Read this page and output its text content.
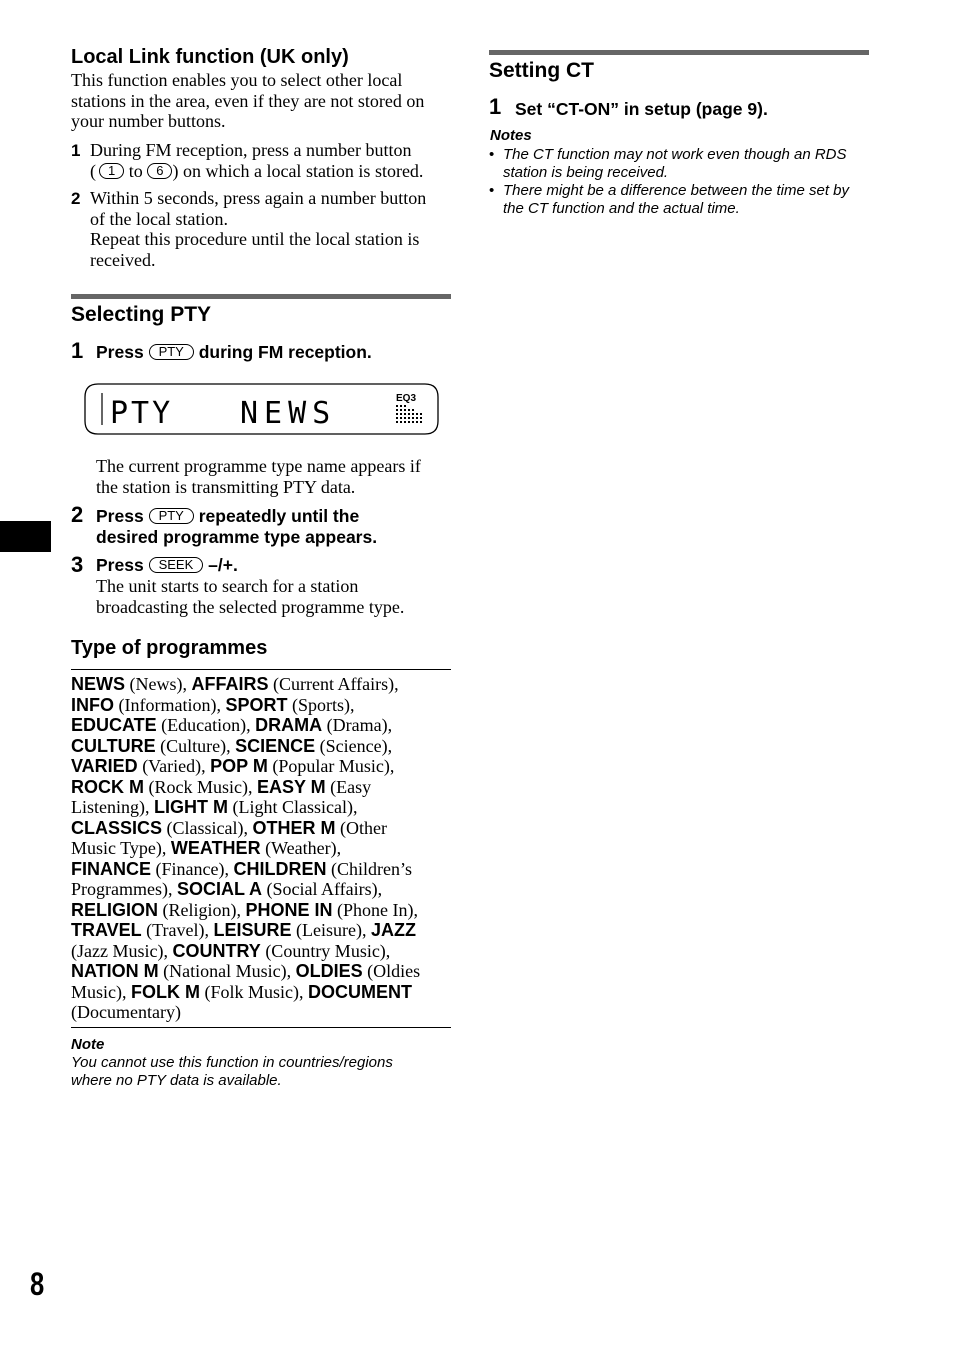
Local Link function (UK only)
This function enables you to select other local
stations in the area, even if they are not stored on
your number buttons.
1 During FM reception, press a number button
( 1 to 6 ) on which a local station is stored.
2 Within 5 seconds, press again a number button
of the local station.
Repeat this procedure until the local station is
received.
Selecting PTY
1 Press PTY during FM reception.
PTY NEWS	EQ3
The current programme type name appears if
the station is transmitting PTY data.
2 Press PTY repeatedly until the
desired programme type appears.
3 Press SEEK –/+.
The unit starts to search for a station
broadcasting the selected programme type.
Type of programmes
NEWS (News), AFFAIRS (Current Affairs),
INFO (Information), SPORT (Sports),
EDUCATE (Education), DRAMA (Drama),
CULTURE (Culture), SCIENCE (Science),
VARIED (Varied), POP M (Popular Music),
ROCK M (Rock Music), EASY M (Easy
Listening), LIGHT M (Light Classical),
CLASSICS (Classical), OTHER M (Other
Music Type), WEATHER (Weather),
FINANCE (Finance), CHILDREN (Children’s
Programmes), SOCIAL A (Social Affairs),
RELIGION (Religion), PHONE IN (Phone In),
TRAVEL (Travel), LEISURE (Leisure), JAZZ
(Jazz Music), COUNTRY (Country Music),
NATION M (National Music), OLDIES (Oldies
Music), FOLK M (Folk Music), DOCUMENT
(Documentary)
Note
You cannot use this function in countries/regions
where no PTY data is available.
Setting CT
1 Set “CT-ON” in setup (page 9).
Notes
• The CT function may not work even though an RDS
station is being received.
• There might be a difference between the time set by
the CT function and the actual time.
8
